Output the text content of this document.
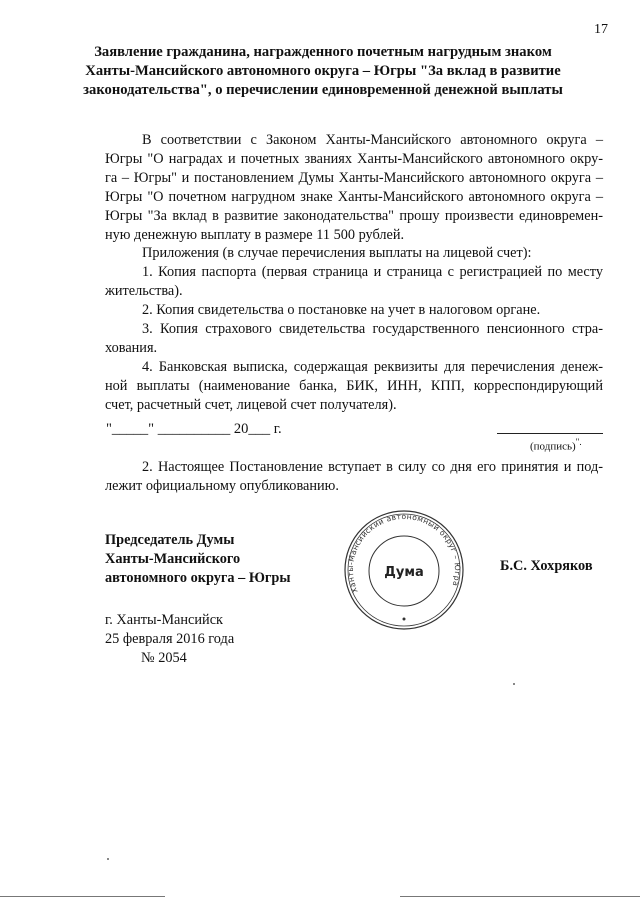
17
Заявление гражданина, награжденного почетным нагрудным знаком
Ханты-Мансийского автономного округа – Югры "За вклад в развитие
законодательства", о перечислении единовременной денежной выплаты
В соответствии с Законом Ханты-Мансийского автономного округа –
Югры "О наградах и почетных званиях Ханты-Мансийского автономного окру-
га – Югры" и постановлением Думы Ханты-Мансийского автономного округа –
Югры "О почетном нагрудном знаке Ханты-Мансийского автономного округа –
Югры "За вклад в развитие законодательства" прошу произвести единовремен-
ную денежную выплату в размере 11 500 рублей.
Приложения (в случае перечисления выплаты на лицевой счет):
1. Копия паспорта (первая страница и страница с регистрацией по месту
жительства).
2. Копия свидетельства о постановке на учет в налоговом органе.
3. Копия страхового свидетельства государственного пенсионного стра-
хования.
4. Банковская выписка, содержащая реквизиты для перечисления денеж-
ной выплаты (наименование банка, БИК, ИНН, КПП, корреспондирующий
счет, расчетный счет, лицевой счет получателя).
"_____" __________ 20___ г.
(подпись)".
2. Настоящее Постановление вступает в силу со дня его принятия и под-
лежит официальному опубликованию.
Председатель Думы
Ханты-Мансийского
автономного округа – Югры
Ханты-Мансийский автономный округ – Югра
Дума	Б.С. Хохряков
г. Ханты-Мансийск
25 февраля 2016 года
№ 2054
